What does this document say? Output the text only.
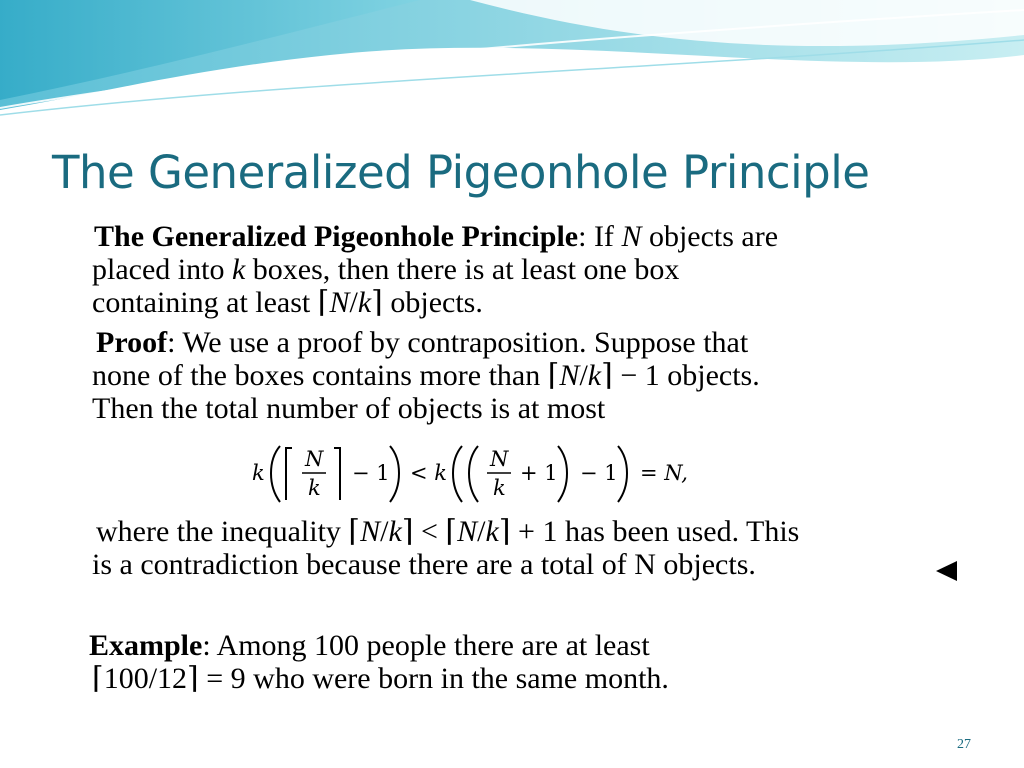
The Generalized Pigeonhole Principle
The Generalized Pigeonhole Principle: If N objects are
placed into k boxes, then there is at least one box
containing at least ⌈N/k⌉ objects.
Proof: We use a proof by contraposition. Suppose that
none of the boxes contains more than ⌈N/k⌉ − 1 objects.
Then the total number of objects is at most
k
N
k
− 1 < k
N
k
+ 1 − 1 = N,
where the inequality ⌈N/k⌉ < ⌈N/k⌉ + 1 has been used. This
is a contradiction because there are a total of N objects.
Example: Among 100 people there are at least
⌈100/12⌉ = 9 who were born in the same month.
27
